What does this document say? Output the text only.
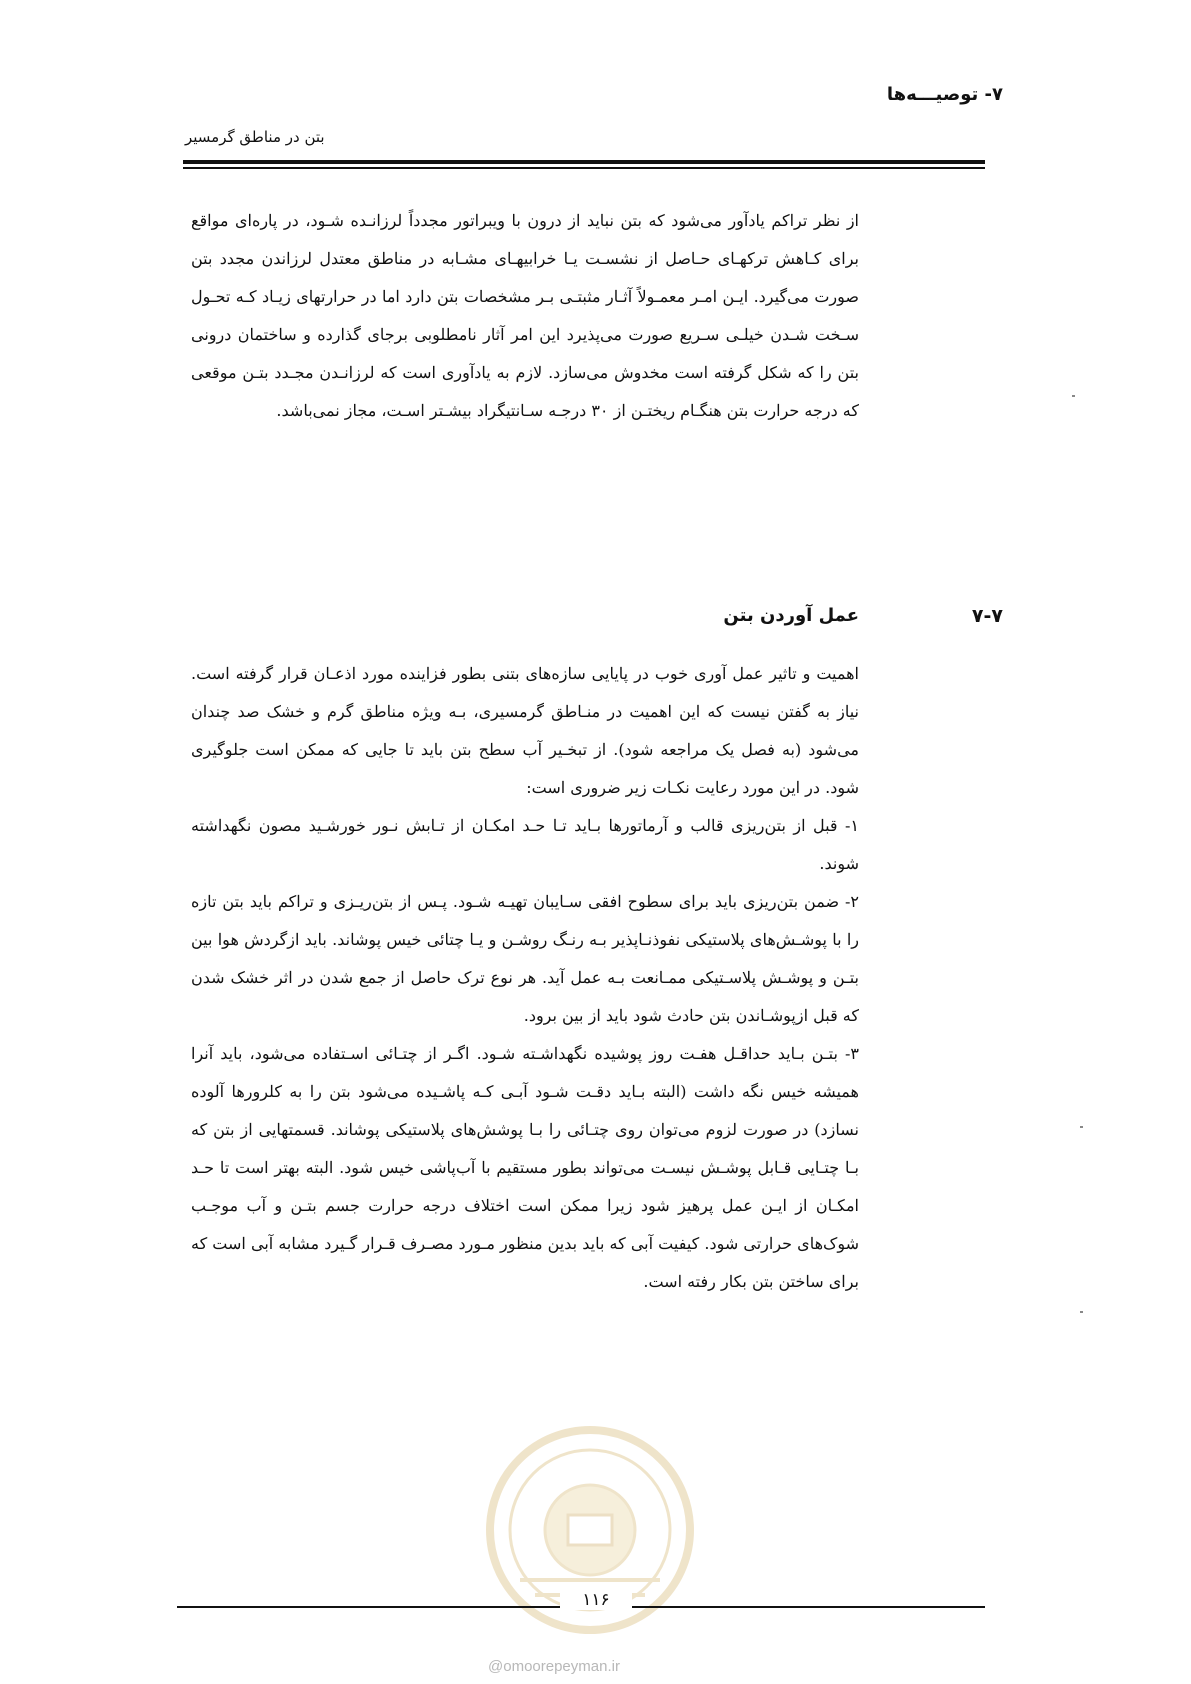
۷- توصیـــه‌ها
بتن در مناطق گرمسیر

از نظر تراکم یادآور می‌شود که بتن نباید از درون با ویبراتور مجدداً لرزانـده شـود، در پاره‌ای مواقع برای کـاهش ترکهـای حـاصل از نشسـت یـا خرابیهـای مشـابه در مناطق معتدل لرزاندن مجدد بتن صورت می‌گیرد. ایـن امـر معمـولاً آثـار مثبتـی بـر مشخصات بتن دارد اما در حرارتهای زیـاد کـه تحـول سـخت شـدن خیلـی سـریع صورت می‌پذیرد این امر آثار نامطلوبی برجای گذارده و ساختمان درونی بتن را که شکل گرفته است مخدوش می‌سازد. لازم به یادآوری است که لرزانـدن مجـدد بتـن موقعی که درجه حرارت بتن هنگـام ریختـن از ۳۰ درجـه سـانتیگراد بیشـتر اسـت، مجاز نمی‌باشد.

۷-۷
عمل آوردن بتن

اهمیت و تاثیر عمل آوری خوب در پایایی سازه‌های بتنی بطور فزاینده مورد اذعـان قرار گرفته است. نیاز به گفتن نیست که این اهمیت در منـاطق گرمسیری، بـه ویژه مناطق گرم و خشک صد چندان می‌شود (به فصل یک مراجعه شود). از تبخـیر آب سطح بتن باید تا جایی که ممکن است جلوگیری شود. در این مورد رعایت نکـات زیر ضروری است:

۱- قبل از بتن‌ریزی قالب و آرماتورها بـاید تـا حـد امکـان از تـابش نـور خورشـید مصون نگهداشته شوند.

۲- ضمن بتن‌ریزی باید برای سطوح افقی سـایبان تهیـه شـود. پـس از بتن‌ریـزی و تراکم باید بتن تازه را با پوشـش‌های پلاستیکی نفوذنـاپذیر بـه رنـگ روشـن و یـا چتائی خیس پوشاند. باید ازگردش هوا بین بتـن و پوشـش پلاسـتیکی ممـانعت بـه عمل آید. هر نوع ترک حاصل از جمع شدن در اثر خشک شدن که قبل ازپوشـاندن بتن حادث شود باید از بین برود.

۳- بتـن بـاید حداقـل هفـت روز پوشیده نگهداشـته شـود. اگـر از چتـائی اسـتفاده می‌شود، باید آنرا همیشه خیس نگه داشت (البته بـاید دقـت شـود آبـی کـه پاشـیده می‌شود بتن را به کلرورها آلوده نسازد) در صورت لزوم می‌توان روی چتـائی را بـا پوشش‌های پلاستیکی پوشاند. قسمتهایی از بتن که بـا چتـایی قـابل پوشـش نیسـت می‌تواند بطور مستقیم با آب‌پاشی خیس شود. البته بهتر است تا حـد امکـان از ایـن عمل پرهیز شود زیرا ممکن است اختلاف درجه حرارت جسم بتـن و آب موجـب شوک‌های حرارتی شود. کیفیت آبی که باید بدین منظور مـورد مصـرف قـرار گـیرد مشابه آبی است که برای ساختن بتن بکار رفته است.

۱۱۶
@omoorepeyman.ir
